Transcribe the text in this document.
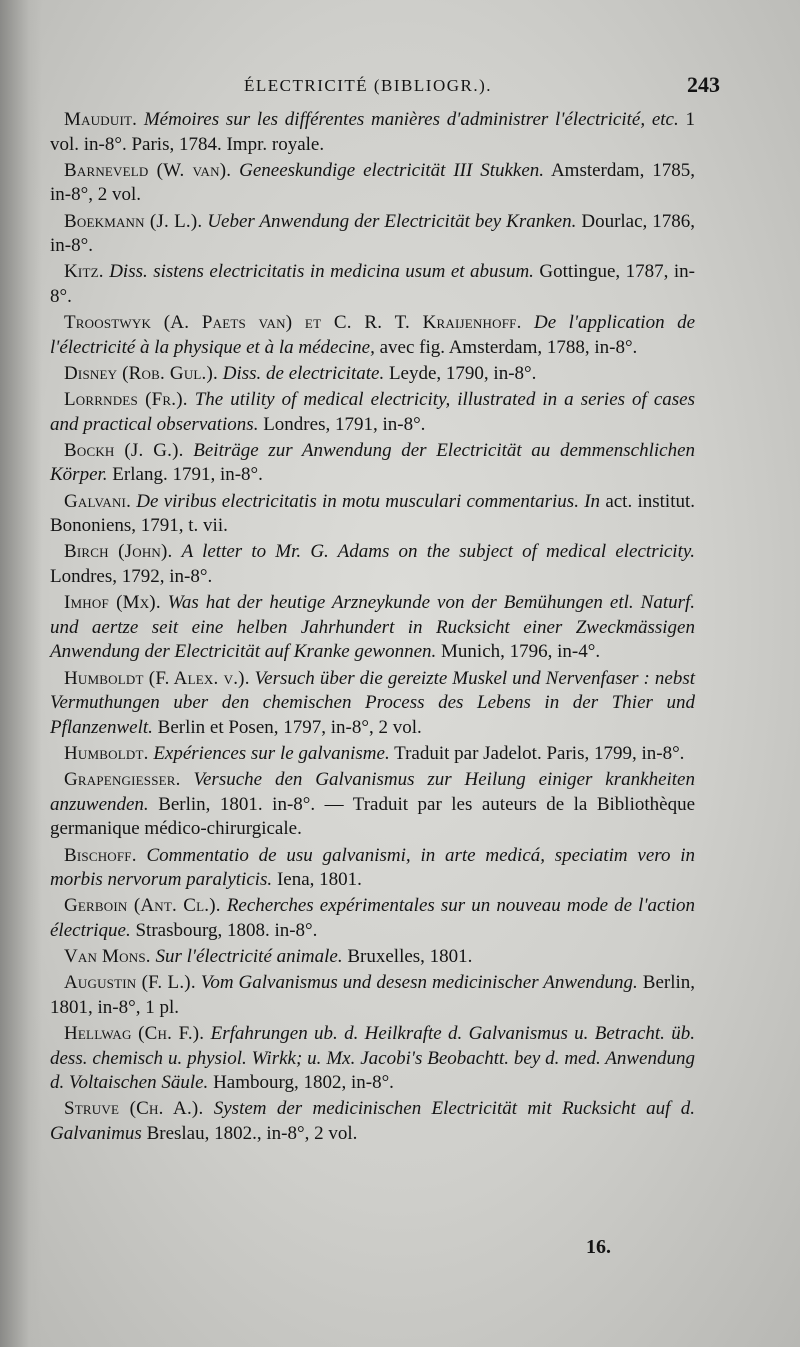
ÉLECTRICITÉ (BIBLIOGR.).	243

Mauduit. Mémoires sur les différentes manières d'administrer l'électricité, etc. 1 vol. in-8°. Paris, 1784. Impr. royale.

Barneveld (W. van). Geneeskundige electricität III Stukken. Amsterdam, 1785, in-8°, 2 vol.

Boekmann (J. L.). Ueber Anwendung der Electricität bey Kranken. Dourlac, 1786, in-8°.

Kitz. Diss. sistens electricitatis in medicina usum et abusum. Gottingue, 1787, in-8°.

Troostwyk (A. Paets van) et C. R. T. Kraijenhoff. De l'application de l'électricité à la physique et à la médecine, avec fig. Amsterdam, 1788, in-8°.

Disney (Rob. Gul.). Diss. de electricitate. Leyde, 1790, in-8°.

Lorrndes (Fr.). The utility of medical electricity, illustrated in a series of cases and practical observations. Londres, 1791, in-8°.

Bockh (J. G.). Beiträge zur Anwendung der Electricität au demmenschlichen Körper. Erlang. 1791, in-8°.

Galvani. De viribus electricitatis in motu musculari commentarius. In act. institut. Bononiens, 1791, t. vii.

Birch (John). A letter to Mr. G. Adams on the subject of medical electricity. Londres, 1792, in-8°.

Imhof (Mx). Was hat der heutige Arzneykunde von der Bemühungen etl. Naturf. und aertze seit eine helben Jahrhundert in Rucksicht einer Zweckmässigen Anwendung der Electricität auf Kranke gewonnen. Munich, 1796, in-4°.

Humboldt (F. Alex. v.). Versuch über die gereizte Muskel und Nervenfaser : nebst Vermuthungen uber den chemischen Process des Lebens in der Thier und Pflanzenwelt. Berlin et Posen, 1797, in-8°, 2 vol.

Humboldt. Expériences sur le galvanisme. Traduit par Jadelot. Paris, 1799, in-8°.

Grapengiesser. Versuche den Galvanismus zur Heilung einiger krankheiten anzuwenden. Berlin, 1801. in-8°. — Traduit par les auteurs de la Bibliothèque germanique médico-chirurgicale.

Bischoff. Commentatio de usu galvanismi, in arte medicá, speciatim vero in morbis nervorum paralyticis. Iena, 1801.

Gerboin (Ant. Cl.). Recherches expérimentales sur un nouveau mode de l'action électrique. Strasbourg, 1808. in-8°.

Van Mons. Sur l'électricité animale. Bruxelles, 1801.

Augustin (F. L.). Vom Galvanismus und desesn medicinischer Anwendung. Berlin, 1801, in-8°, 1 pl.

Hellwag (Ch. F.). Erfahrungen ub. d. Heilkrafte d. Galvanismus u. Betracht. üb. dess. chemisch u. physiol. Wirkk; u. Mx. Jacobi's Beobachtt. bey d. med. Anwendung d. Voltaischen Säule. Hambourg, 1802, in-8°.

Struve (Ch. A.). System der medicinischen Electricität mit Rucksicht auf d. Galvanimus Breslau, 1802., in-8°, 2 vol.

16.
